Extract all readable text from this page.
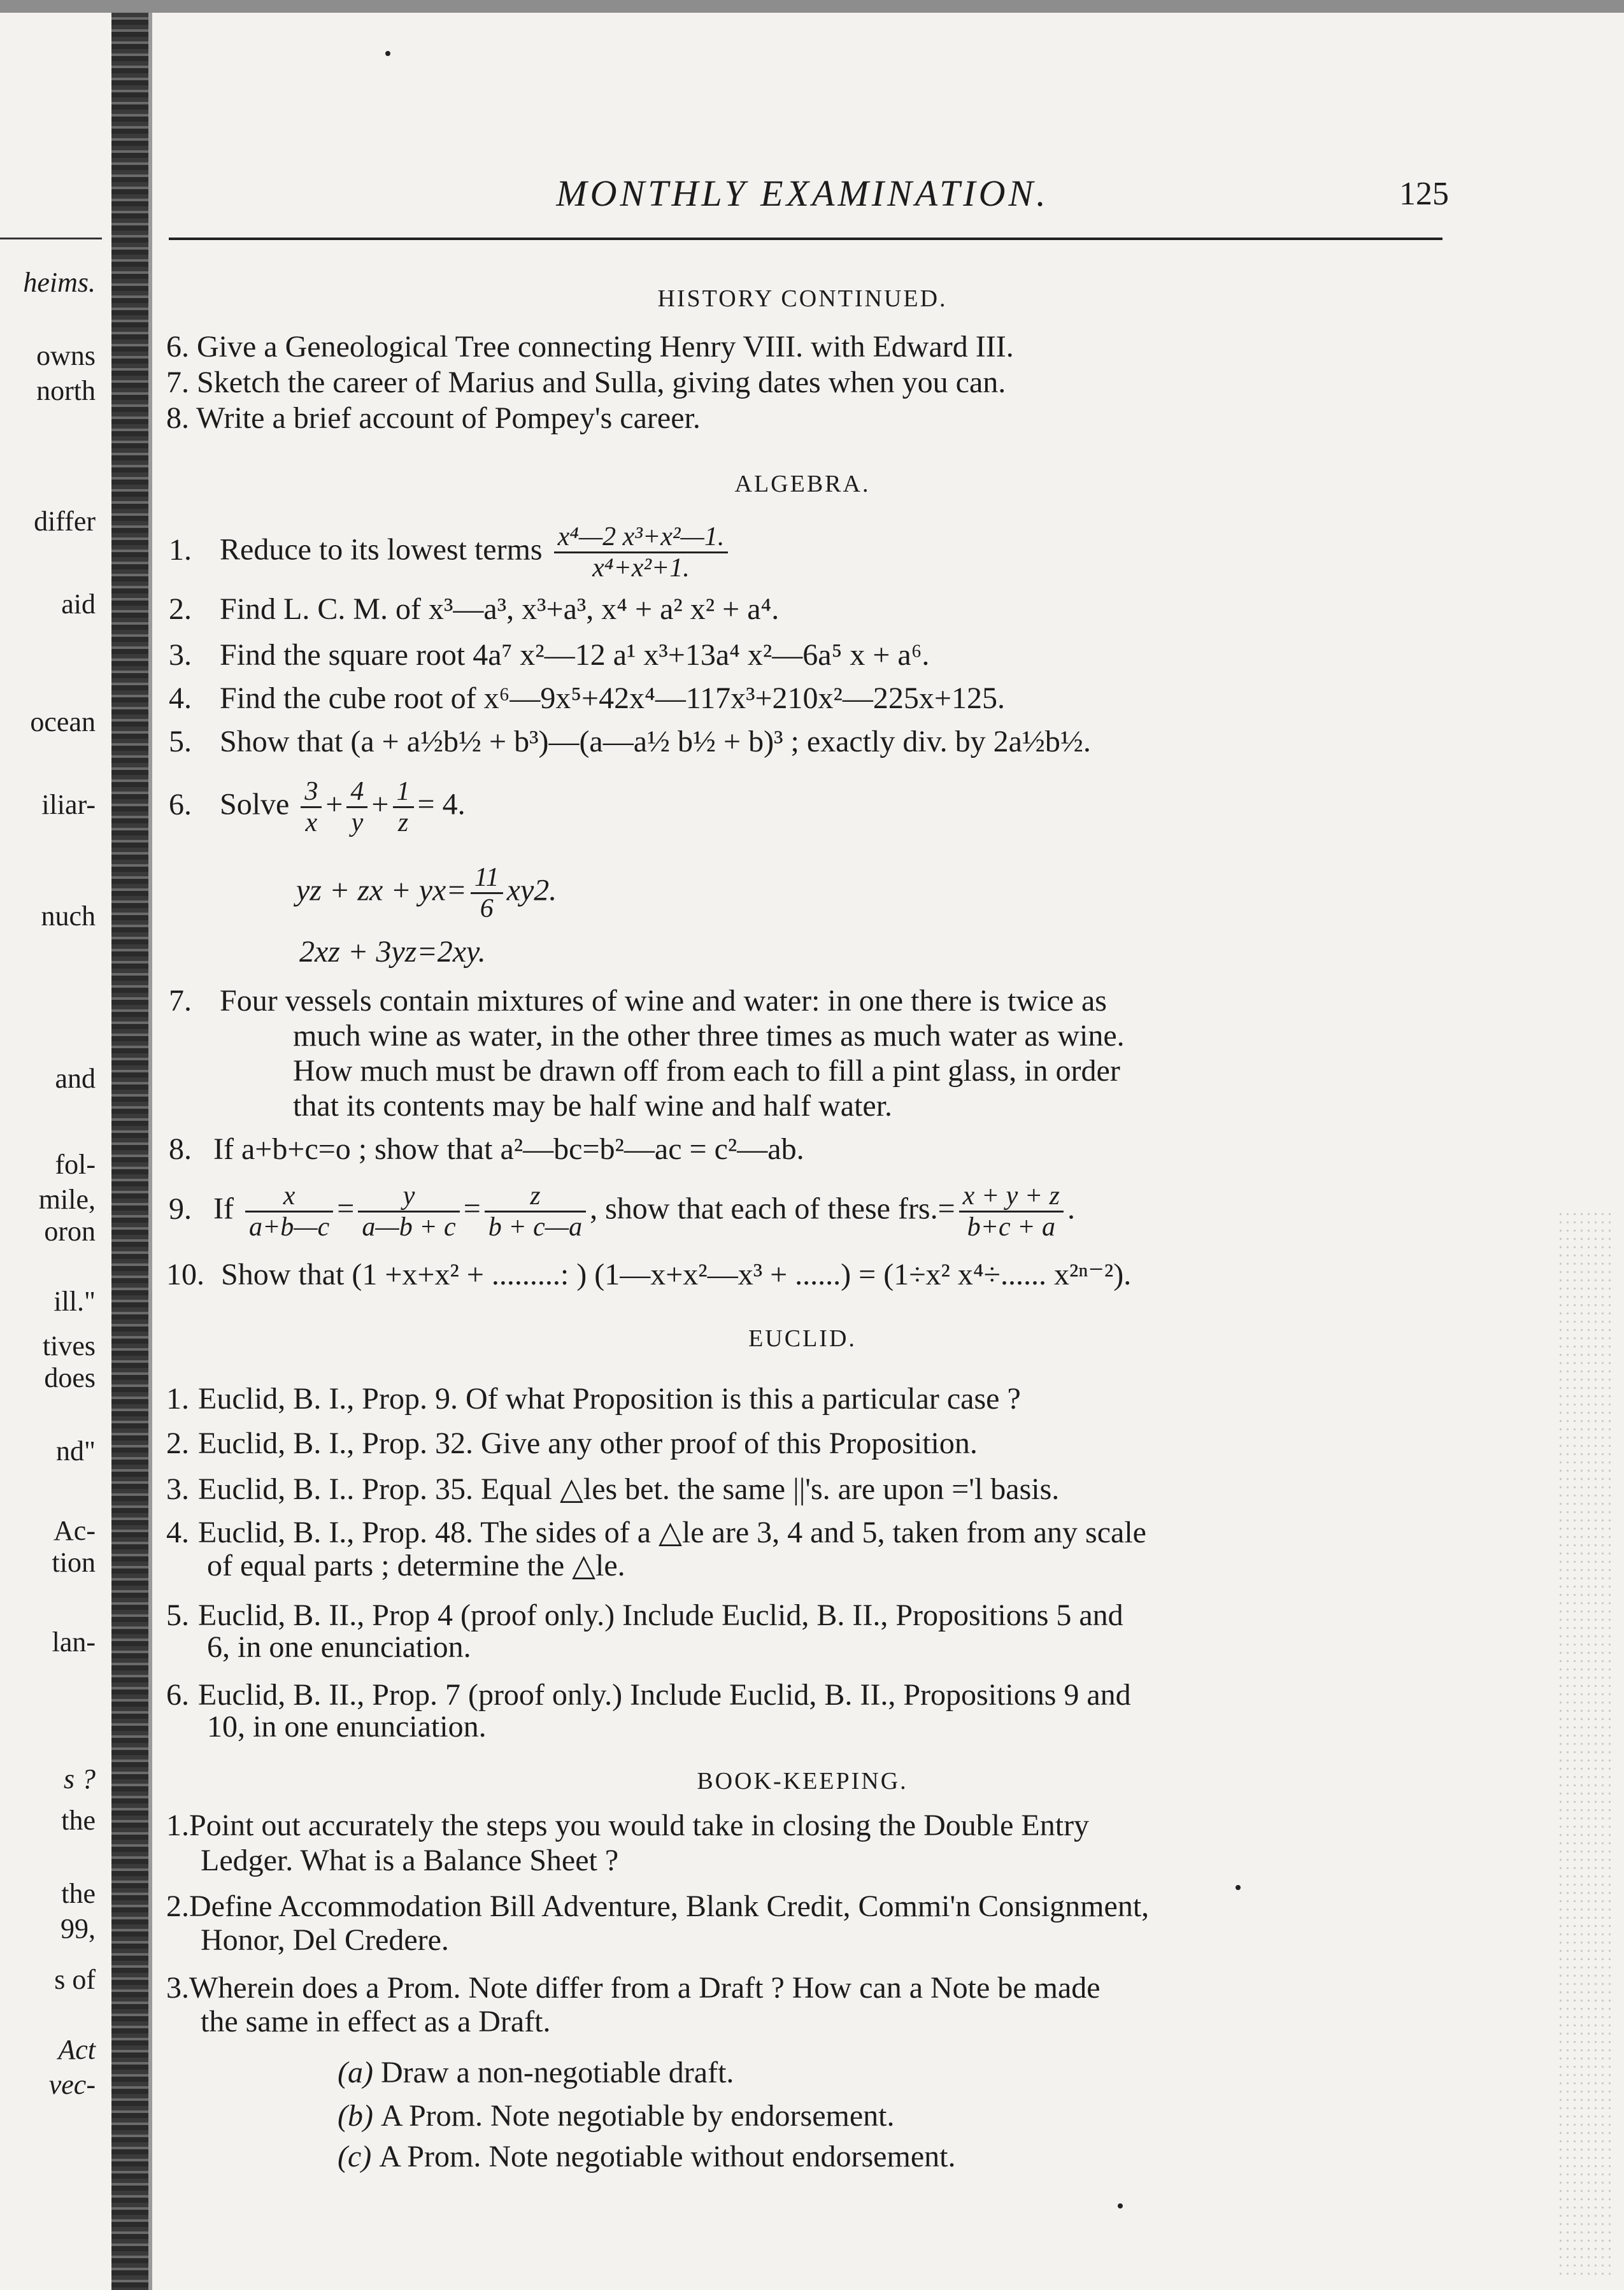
heims.
owns
north
differ
aid
ocean
iliar-
nuch
and
fol-
mile,
oron
ill."
tives
does
nd"
Ac-
tion
lan-
s ?
the
the
99,
s of
Act
vec-
MONTHLY EXAMINATION.	125
HISTORY CONTINUED.
6. Give a Geneological Tree connecting Henry VIII. with Edward III.
7. Sketch the career of Marius and Sulla, giving dates when you can.
8. Write a brief account of Pompey's career.
ALGEBRA.
1. Reduce to its lowest terms $\frac{\text{x⁴—2 x³+x²—1.}}{\text{x⁴+x²+1.}}$
2. Find L. C. M. of x³—a³, x³+a³, x⁴ + a² x² + a⁴.
3. Find the square root 4a⁷ x²—12 a¹ x³+13a⁴ x²—6a⁵ x + a⁶.
4. Find the cube root of x⁶—9x⁵+42x⁴—117x³+210x²—225x+125.
5. Show that (a + a½b½ + b³)—(a—a½ b½ + b)³ ; exactly div. by 2a½b½.
6. Solve $\frac{3}{x} + \frac{4}{y} + \frac{1}{z} = 4$.
yz + zx + $yx= \frac{11}{6} xy2$.
2xz + 3yz=2xy.
7. Four vessels contain mixtures of wine and water: in one there is twice as
much wine as water, in the other three times as much water as wine.
How much must be drawn off from each to fill a pint glass, in order
that its contents may be half wine and half water.
8. If a+b+c=o ; show that a²—bc=b²—ac = c²—ab.
9. If $\frac{x}{a+b—c} = \frac{y}{a—b + c} = \frac{z}{b + c—a}$ , show that each of these $frs.= \frac{x + y + z}{b+c + a}$ .
10. Show that (1 +x+x² + .........: ) (1—x+x²—x³ + ......) = (1÷x² x⁴÷...... x²ⁿ⁻²).
EUCLID.
1. Euclid, B. I., Prop. 9. Of what Proposition is this a particular case ?
2. Euclid, B. I., Prop. 32. Give any other proof of this Proposition.
3. Euclid, B. I.. Prop. 35. Equal △les bet. the same ||'s. are upon ='l basis.
4. Euclid, B. I., Prop. 48. The sides of a △le are 3, 4 and 5, taken from any scale
of equal parts ; determine the △le.
5. Euclid, B. II., Prop 4 (proof only.) Include Euclid, B. II., Propositions 5 and
6, in one enunciation.
6. Euclid, B. II., Prop. 7 (proof only.) Include Euclid, B. II., Propositions 9 and
10, in one enunciation.
BOOK-KEEPING.
1.Point out accurately the steps you would take in closing the Double Entry
Ledger. What is a Balance Sheet ?
2.Define Accommodation Bill Adventure, Blank Credit, Commi'n Consignment,
Honor, Del Credere.
3.Wherein does a Prom. Note differ from a Draft ? How can a Note be made
the same in effect as a Draft.
(a) Draw a non-negotiable draft.
(b) A Prom. Note negotiable by endorsement.
(c) A Prom. Note negotiable without endorsement.
